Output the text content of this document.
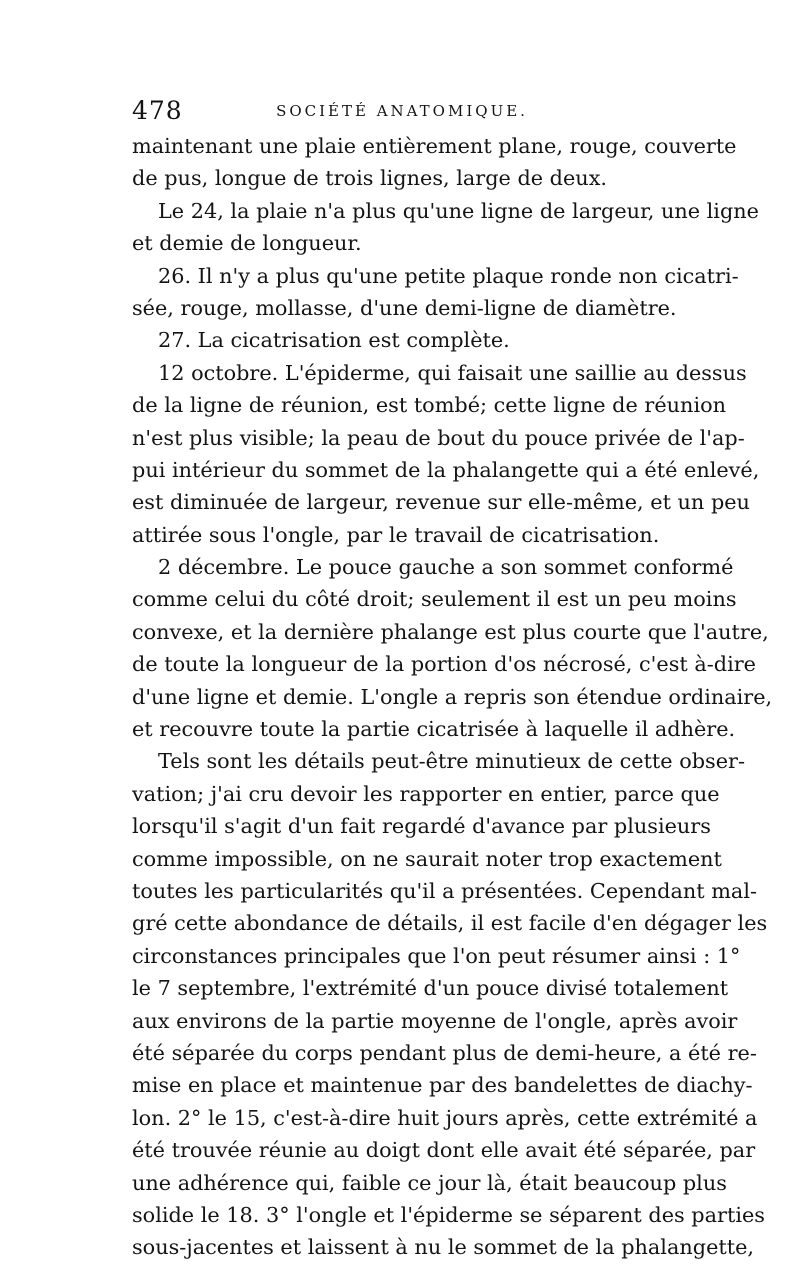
478	SOCIÉTÉ ANATOMIQUE.
maintenant une plaie entièrement plane, rouge, couverte
de pus, longue de trois lignes, large de deux.
Le 24, la plaie n'a plus qu'une ligne de largeur, une ligne
et demie de longueur.
26. Il n'y a plus qu'une petite plaque ronde non cicatri-
sée, rouge, mollasse, d'une demi-ligne de diamètre.
27. La cicatrisation est complète.
12 octobre. L'épiderme, qui faisait une saillie au dessus
de la ligne de réunion, est tombé; cette ligne de réunion
n'est plus visible; la peau de bout du pouce privée de l'ap-
pui intérieur du sommet de la phalangette qui a été enlevé,
est diminuée de largeur, revenue sur elle-même, et un peu
attirée sous l'ongle, par le travail de cicatrisation.
2 décembre. Le pouce gauche a son sommet conformé
comme celui du côté droit; seulement il est un peu moins
convexe, et la dernière phalange est plus courte que l'autre,
de toute la longueur de la portion d'os nécrosé, c'est à-dire
d'une ligne et demie. L'ongle a repris son étendue ordinaire,
et recouvre toute la partie cicatrisée à laquelle il adhère.
Tels sont les détails peut-être minutieux de cette obser-
vation; j'ai cru devoir les rapporter en entier, parce que
lorsqu'il s'agit d'un fait regardé d'avance par plusieurs
comme impossible, on ne saurait noter trop exactement
toutes les particularités qu'il a présentées. Cependant mal-
gré cette abondance de détails, il est facile d'en dégager les
circonstances principales que l'on peut résumer ainsi : 1°
le 7 septembre, l'extrémité d'un pouce divisé totalement
aux environs de la partie moyenne de l'ongle, après avoir
été séparée du corps pendant plus de demi-heure, a été re-
mise en place et maintenue par des bandelettes de diachy-
lon. 2° le 15, c'est-à-dire huit jours après, cette extrémité a
été trouvée réunie au doigt dont elle avait été séparée, par
une adhérence qui, faible ce jour là, était beaucoup plus
solide le 18. 3° l'ongle et l'épiderme se séparent des parties
sous-jacentes et laissent à nu le sommet de la phalangette,
